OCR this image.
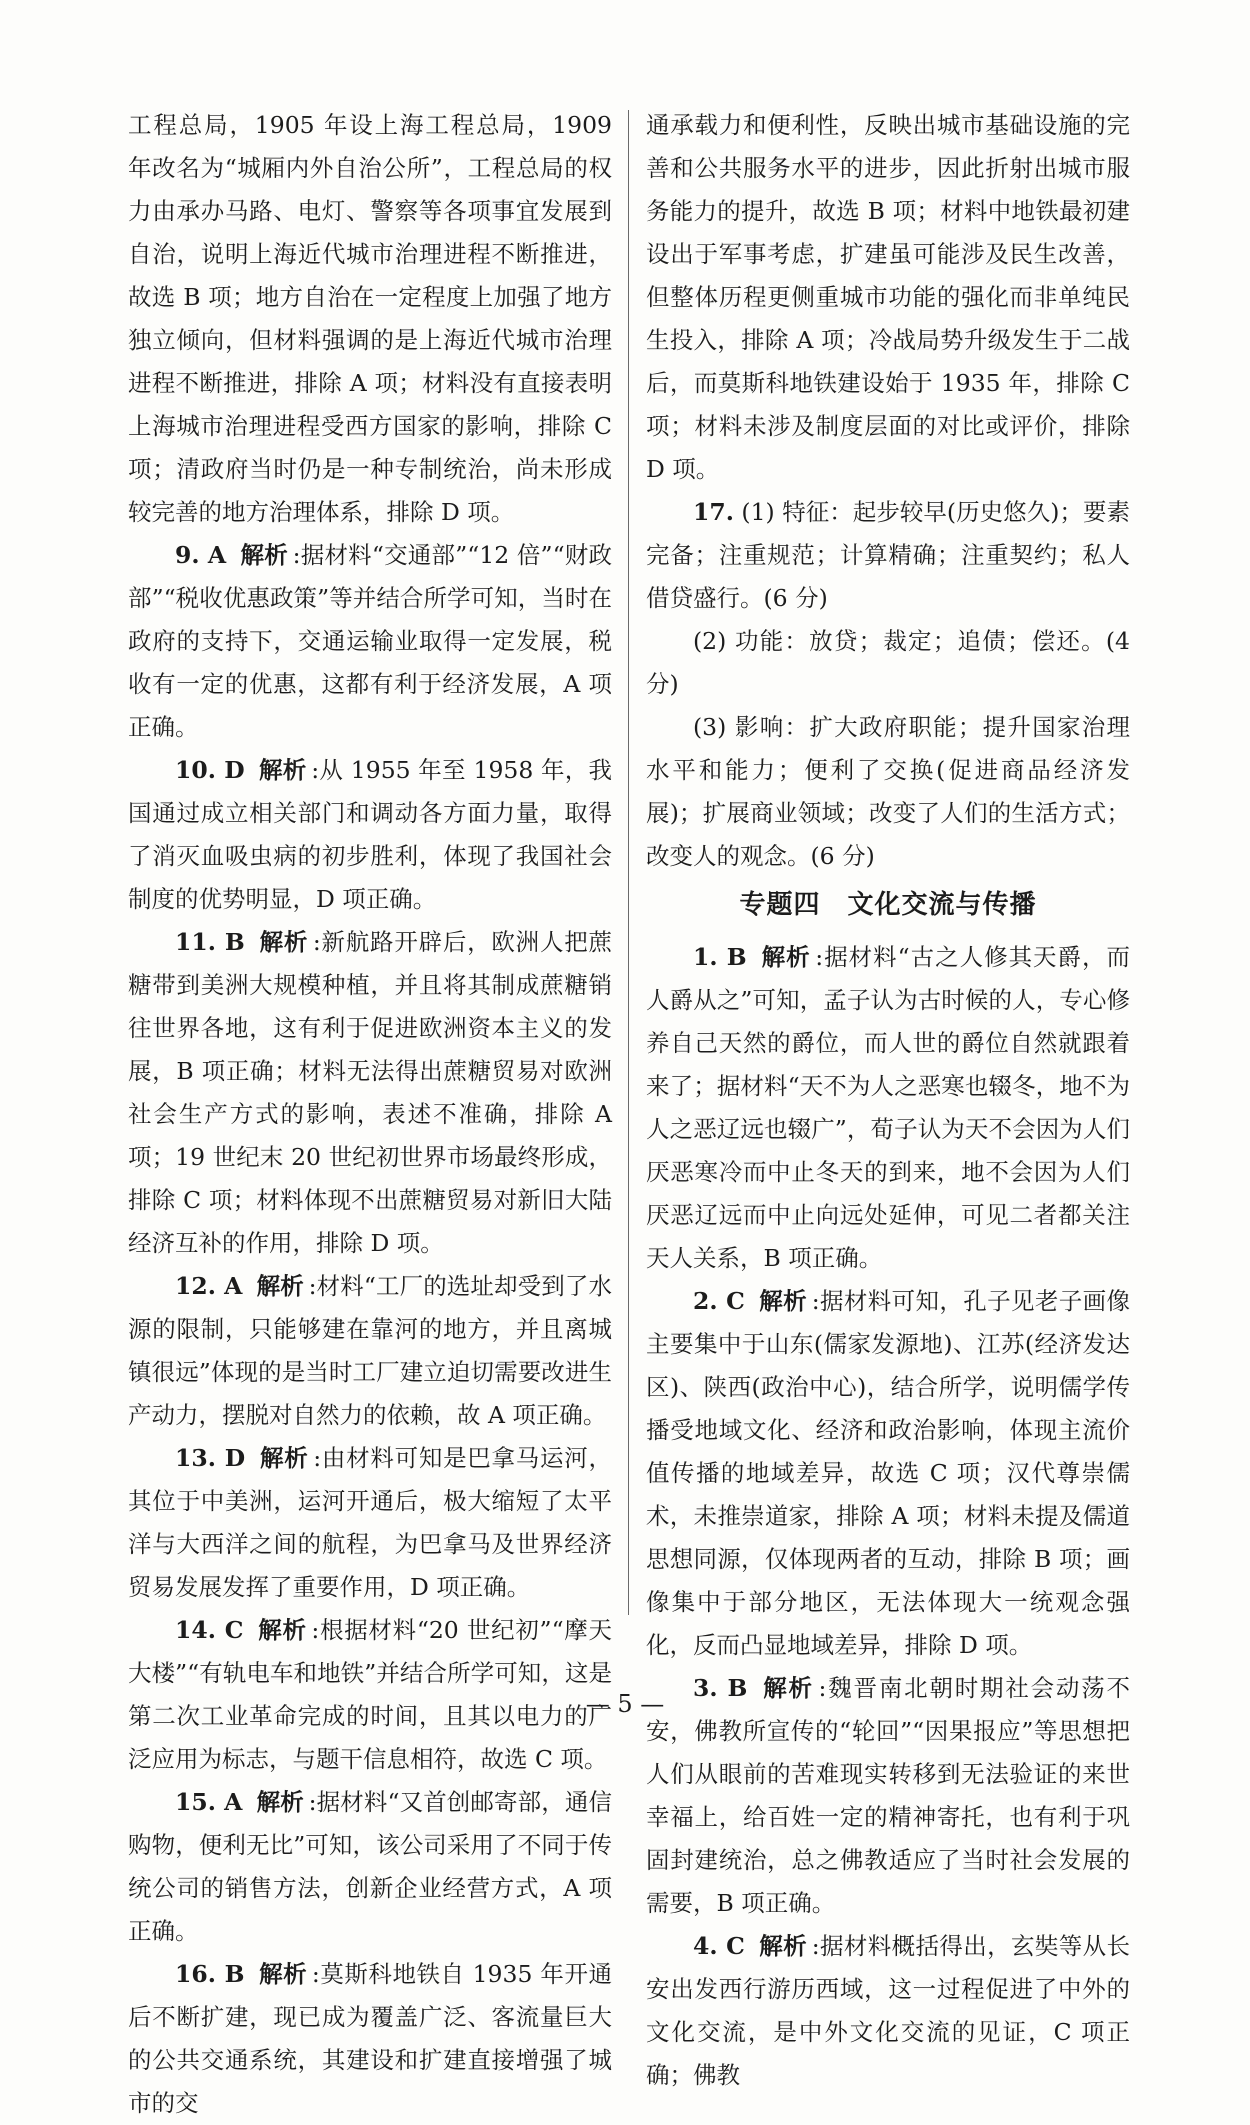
工程总局，1905 年设上海工程总局，1909 年改名为“城厢内外自治公所”，工程总局的权力由承办马路、电灯、警察等各项事宜发展到自治，说明上海近代城市治理进程不断推进，故选 B 项；地方自治在一定程度上加强了地方独立倾向，但材料强调的是上海近代城市治理进程不断推进，排除 A 项；材料没有直接表明上海城市治理进程受西方国家的影响，排除 C 项；清政府当时仍是一种专制统治，尚未形成较完善的地方治理体系，排除 D 项。

9. A 解析 :据材料“交通部”“12 倍”“财政部”“税收优惠政策”等并结合所学可知，当时在政府的支持下，交通运输业取得一定发展，税收有一定的优惠，这都有利于经济发展，A 项正确。

10. D 解析 :从 1955 年至 1958 年，我国通过成立相关部门和调动各方面力量，取得了消灭血吸虫病的初步胜利，体现了我国社会制度的优势明显，D 项正确。

11. B 解析 :新航路开辟后，欧洲人把蔗糖带到美洲大规模种植，并且将其制成蔗糖销往世界各地，这有利于促进欧洲资本主义的发展，B 项正确；材料无法得出蔗糖贸易对欧洲社会生产方式的影响，表述不准确，排除 A 项；19 世纪末 20 世纪初世界市场最终形成，排除 C 项；材料体现不出蔗糖贸易对新旧大陆经济互补的作用，排除 D 项。

12. A 解析 :材料“工厂的选址却受到了水源的限制，只能够建在靠河的地方，并且离城镇很远”体现的是当时工厂建立迫切需要改进生产动力，摆脱对自然力的依赖，故 A 项正确。

13. D 解析 :由材料可知是巴拿马运河，其位于中美洲，运河开通后，极大缩短了太平洋与大西洋之间的航程，为巴拿马及世界经济贸易发展发挥了重要作用，D 项正确。

14. C 解析 :根据材料“20 世纪初”“摩天大楼”“有轨电车和地铁”并结合所学可知，这是第二次工业革命完成的时间，且其以电力的广泛应用为标志，与题干信息相符，故选 C 项。

15. A 解析 :据材料“又首创邮寄部，通信购物，便利无比”可知，该公司采用了不同于传统公司的销售方法，创新企业经营方式，A 项正确。

16. B 解析 :莫斯科地铁自 1935 年开通后不断扩建，现已成为覆盖广泛、客流量巨大的公共交通系统，其建设和扩建直接增强了城市的交

通承载力和便利性，反映出城市基础设施的完善和公共服务水平的进步，因此折射出城市服务能力的提升，故选 B 项；材料中地铁最初建设出于军事考虑，扩建虽可能涉及民生改善，但整体历程更侧重城市功能的强化而非单纯民生投入，排除 A 项；冷战局势升级发生于二战后，而莫斯科地铁建设始于 1935 年，排除 C 项；材料未涉及制度层面的对比或评价，排除 D 项。

17. (1) 特征：起步较早(历史悠久)；要素完备；注重规范；计算精确；注重契约；私人借贷盛行。(6 分)

(2) 功能：放贷；裁定；追债；偿还。(4 分)

(3) 影响：扩大政府职能；提升国家治理水平和能力；便利了交换(促进商品经济发展)；扩展商业领域；改变了人们的生活方式；改变人的观念。(6 分)

专题四　文化交流与传播

1. B 解析 :据材料“古之人修其天爵，而人爵从之”可知，孟子认为古时候的人，专心修养自己天然的爵位，而人世的爵位自然就跟着来了；据材料“天不为人之恶寒也辍冬，地不为人之恶辽远也辍广”，荀子认为天不会因为人们厌恶寒冷而中止冬天的到来，地不会因为人们厌恶辽远而中止向远处延伸，可见二者都关注天人关系，B 项正确。

2. C 解析 :据材料可知，孔子见老子画像主要集中于山东(儒家发源地)、江苏(经济发达区)、陕西(政治中心)，结合所学，说明儒学传播受地域文化、经济和政治影响，体现主流价值传播的地域差异，故选 C 项；汉代尊崇儒术，未推崇道家，排除 A 项；材料未提及儒道思想同源，仅体现两者的互动，排除 B 项；画像集中于部分地区，无法体现大一统观念强化，反而凸显地域差异，排除 D 项。

3. B 解析 :魏晋南北朝时期社会动荡不安，佛教所宣传的“轮回”“因果报应”等思想把人们从眼前的苦难现实转移到无法验证的来世幸福上，给百姓一定的精神寄托，也有利于巩固封建统治，总之佛教适应了当时社会发展的需要，B 项正确。

4. C 解析 :据材料概括得出，玄奘等从长安出发西行游历西域，这一过程促进了中外的文化交流，是中外文化交流的见证，C 项正确；佛教

— 5 —
